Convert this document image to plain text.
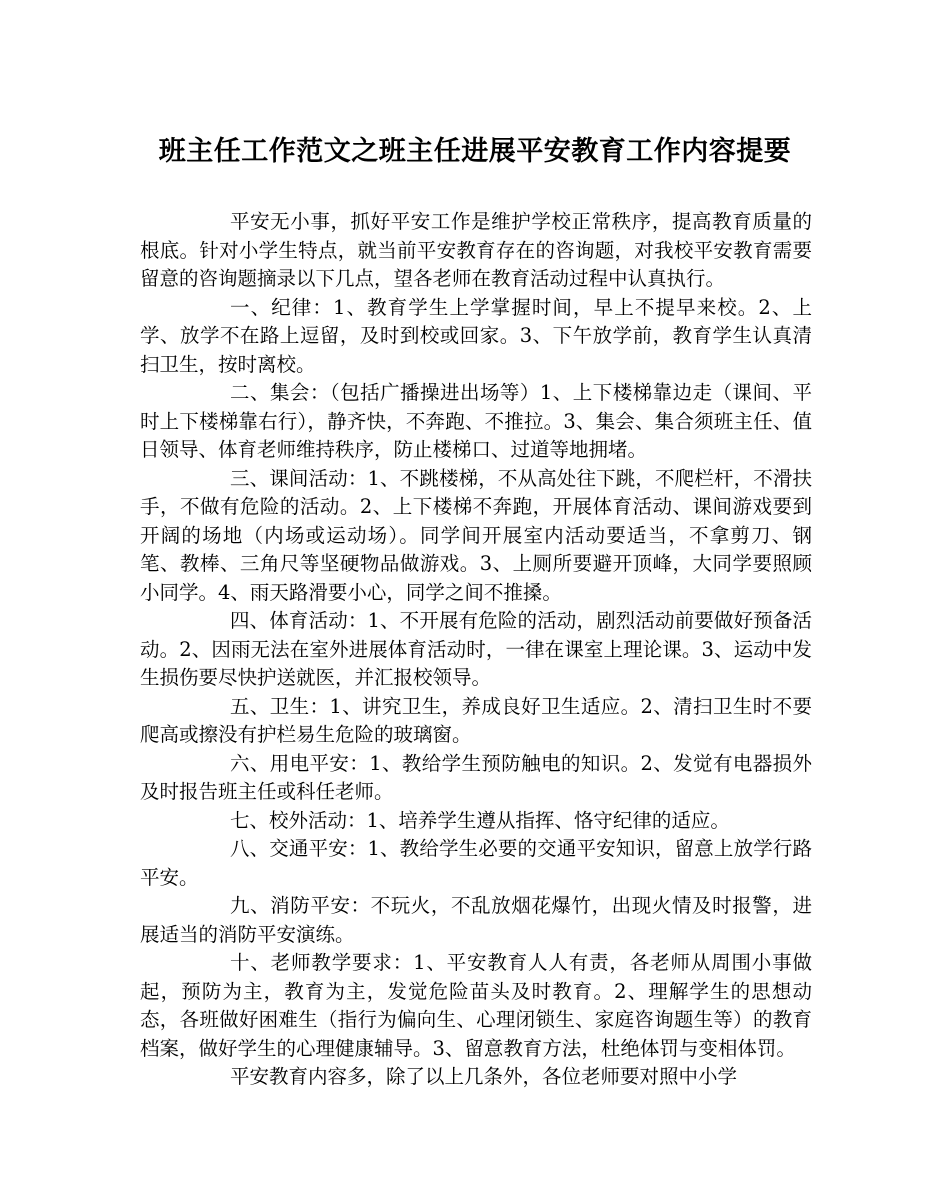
班主任工作范文之班主任进展平安教育工作内容提要

平安无小事，抓好平安工作是维护学校正常秩序，提高教育质量的根底。针对小学生特点，就当前平安教育存在的咨询题，对我校平安教育需要留意的咨询题摘录以下几点，望各老师在教育活动过程中认真执行。

一、纪律：1、教育学生上学掌握时间，早上不提早来校。2、上学、放学不在路上逗留，及时到校或回家。3、下午放学前，教育学生认真清扫卫生，按时离校。

二、集会：（包括广播操进出场等）1、上下楼梯靠边走（课间、平时上下楼梯靠右行），静齐快，不奔跑、不推拉。3、集会、集合须班主任、值日领导、体育老师维持秩序，防止楼梯口、过道等地拥堵。

三、课间活动：1、不跳楼梯，不从高处往下跳，不爬栏杆，不滑扶手，不做有危险的活动。2、上下楼梯不奔跑，开展体育活动、课间游戏要到开阔的场地（内场或运动场）。同学间开展室内活动要适当，不拿剪刀、钢笔、教棒、三角尺等坚硬物品做游戏。3、上厕所要避开顶峰，大同学要照顾小同学。4、雨天路滑要小心，同学之间不推搡。

四、体育活动：1、不开展有危险的活动，剧烈活动前要做好预备活动。2、因雨无法在室外进展体育活动时，一律在课室上理论课。3、运动中发生损伤要尽快护送就医，并汇报校领导。

五、卫生：1、讲究卫生，养成良好卫生适应。2、清扫卫生时不要爬高或擦没有护栏易生危险的玻璃窗。

六、用电平安：1、教给学生预防触电的知识。2、发觉有电器损外及时报告班主任或科任老师。

七、校外活动：1、培养学生遵从指挥、恪守纪律的适应。

八、交通平安：1、教给学生必要的交通平安知识，留意上放学行路平安。

九、消防平安：不玩火，不乱放烟花爆竹，出现火情及时报警，进展适当的消防平安演练。

十、老师教学要求：1、平安教育人人有责，各老师从周围小事做起，预防为主，教育为主，发觉危险苗头及时教育。2、理解学生的思想动态，各班做好困难生（指行为偏向生、心理闭锁生、家庭咨询题生等）的教育档案，做好学生的心理健康辅导。3、留意教育方法，杜绝体罚与变相体罚。

平安教育内容多，除了以上几条外，各位老师要对照中小学
